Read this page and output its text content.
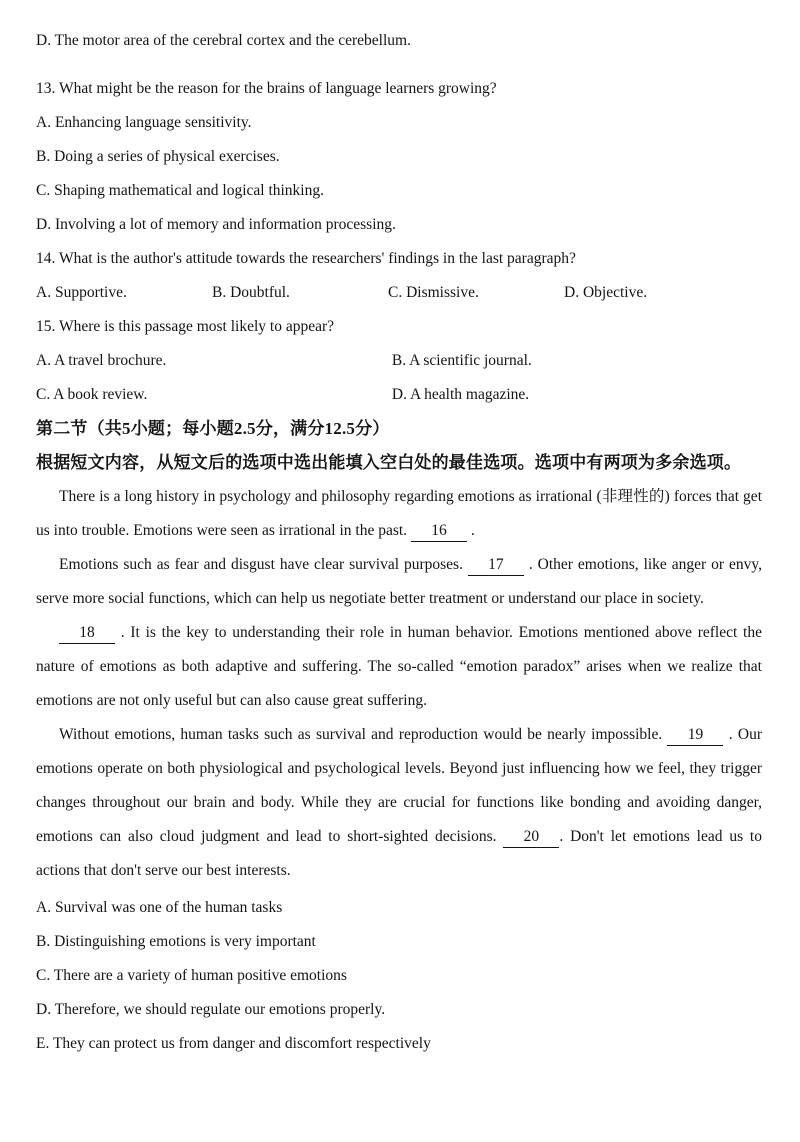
D. The motor area of the cerebral cortex and the cerebellum.
13. What might be the reason for the brains of language learners growing?
A. Enhancing language sensitivity.
B. Doing a series of physical exercises.
C. Shaping mathematical and logical thinking.
D. Involving a lot of memory and information processing.
14. What is the author's attitude towards the researchers' findings in the last paragraph?
A. Supportive.	B. Doubtful.	C. Dismissive.	D. Objective.
15. Where is this passage most likely to appear?
A. A travel brochure.	B. A scientific journal.
C. A book review.	D. A health magazine.
第二节（共5小题；每小题2.5分，满分12.5分）
根据短文内容，从短文后的选项中选出能填入空白处的最佳选项。选项中有两项为多余选项。
There is a long history in psychology and philosophy regarding emotions as irrational (非理性的) forces that get us into trouble. Emotions were seen as irrational in the past. 16 .
Emotions such as fear and disgust have clear survival purposes. 17 . Other emotions, like anger or envy, serve more social functions, which can help us negotiate better treatment or understand our place in society.
18 . It is the key to understanding their role in human behavior. Emotions mentioned above reflect the nature of emotions as both adaptive and suffering. The so-called “emotion paradox” arises when we realize that emotions are not only useful but can also cause great suffering.
Without emotions, human tasks such as survival and reproduction would be nearly impossible. 19 . Our emotions operate on both physiological and psychological levels. Beyond just influencing how we feel, they trigger changes throughout our brain and body. While they are crucial for functions like bonding and avoiding danger, emotions can also cloud judgment and lead to short-sighted decisions. 20 . Don't let emotions lead us to actions that don't serve our best interests.
A. Survival was one of the human tasks
B. Distinguishing emotions is very important
C. There are a variety of human positive emotions
D. Therefore, we should regulate our emotions properly.
E. They can protect us from danger and discomfort respectively
